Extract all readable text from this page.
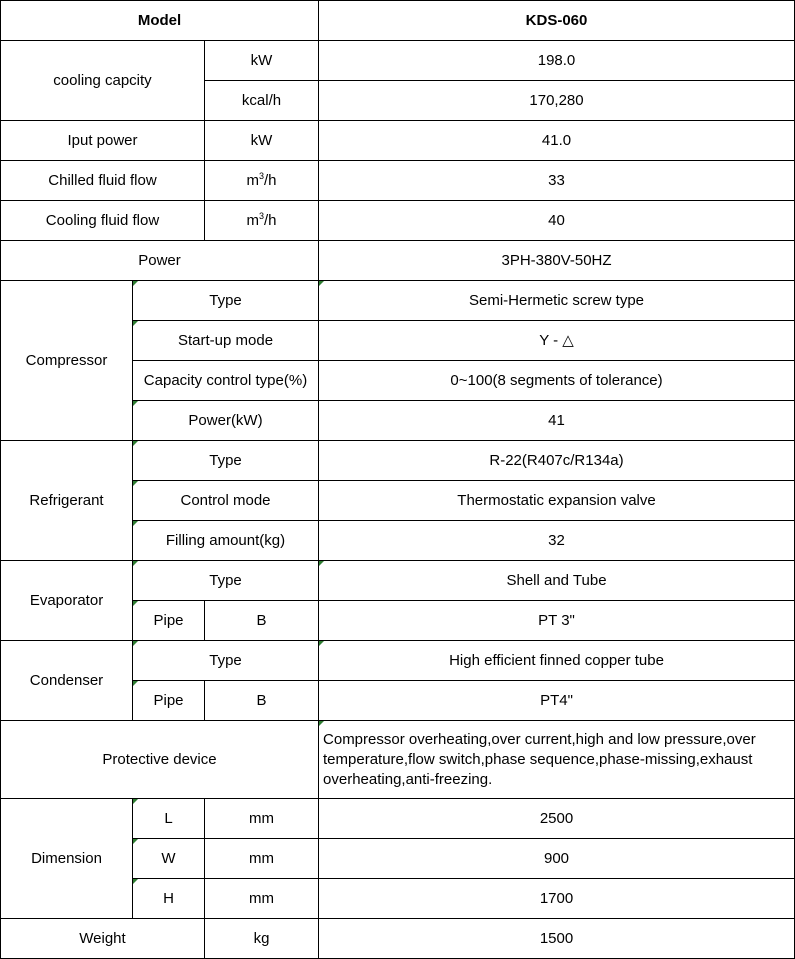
Model			KDS-060
cooling capcity		kW	198.0
		kcal/h	170,280
Iput power		kW	41.0
Chilled fluid flow		$m^3/h$	33
Cooling fluid flow		$m^3/h$	40
Power			3PH-380V-50HZ
Compressor	Type		Semi-Hermetic screw type
	Start-up mode		Y - △
	Capacity control type(%)		0~100(8 segments of tolerance)
	Power(kW)		41
Refrigerant	Type		R-22(R407c/R134a)
	Control mode		Thermostatic expansion valve
	Filling amount(kg)		32
Evaporator	Type		Shell and Tube
	Pipe	B	PT 3"
Condenser	Type		High efficient finned copper tube
	Pipe	B	PT4"
Protective device			Compressor overheating,over current,high and low pressure,over temperature,flow switch,phase sequence,phase-missing,exhaust overheating,anti-freezing.
Dimension	L	mm	2500
	W	mm	900
	H	mm	1700
Weight		kg	1500
